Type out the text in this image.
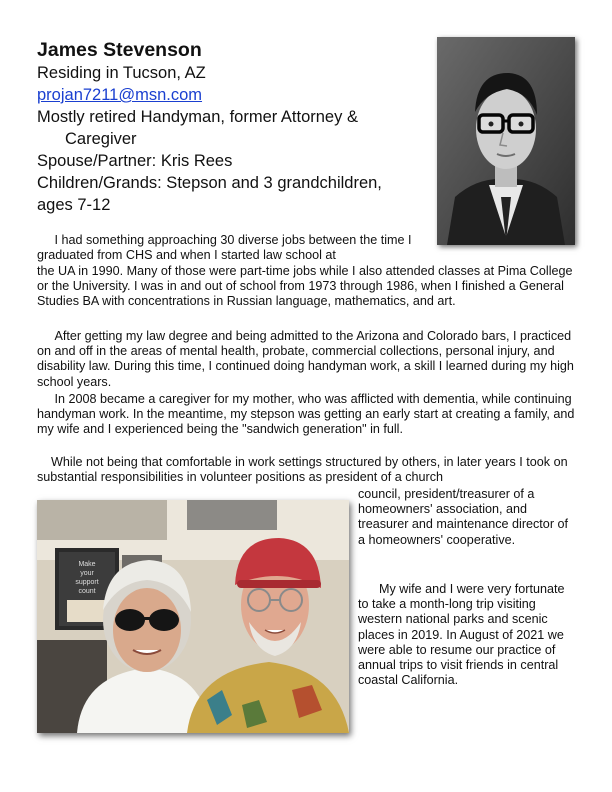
James Stevenson

Residing in Tucson, AZ

projan7211@msn.com

Mostly retired Handyman, former Attorney &

Caregiver

Spouse/Partner: Kris Rees

Children/Grands: Stepson and 3 grandchildren,

ages 7-12

I had something approaching 30 diverse jobs between the time I graduated from CHS and when I started law school at

the UA in 1990. Many of those were part-time jobs while I also attended classes at Pima College or the University. I was in and out of school from 1973 through 1986, when I finished a General Studies BA with concentrations in Russian language, mathematics, and art.

After getting my law degree and being admitted to the Arizona and Colorado bars, I practiced on and off in the areas of mental health, probate, commercial collections, personal injury, and disability law. During this time, I continued doing handyman work, a skill I learned during my high school years.

In 2008 became a caregiver for my mother, who was afflicted with dementia, while continuing handyman work. In the meantime, my stepson was getting an early start at creating a family, and my wife and I experienced being the "sandwich generation" in full.

While not being that comfortable in work settings structured by others, in later years I took on substantial responsibilities in volunteer positions as president of a church

council, president/treasurer of a homeowners' association, and treasurer and maintenance director of a homeowners' cooperative.

My wife and I were very fortunate to take a month-long trip visiting western national parks and scenic places in 2019. In August of 2021 we were able to resume our practice of annual trips to visit friends in central coastal California.

Make
your
support
count
